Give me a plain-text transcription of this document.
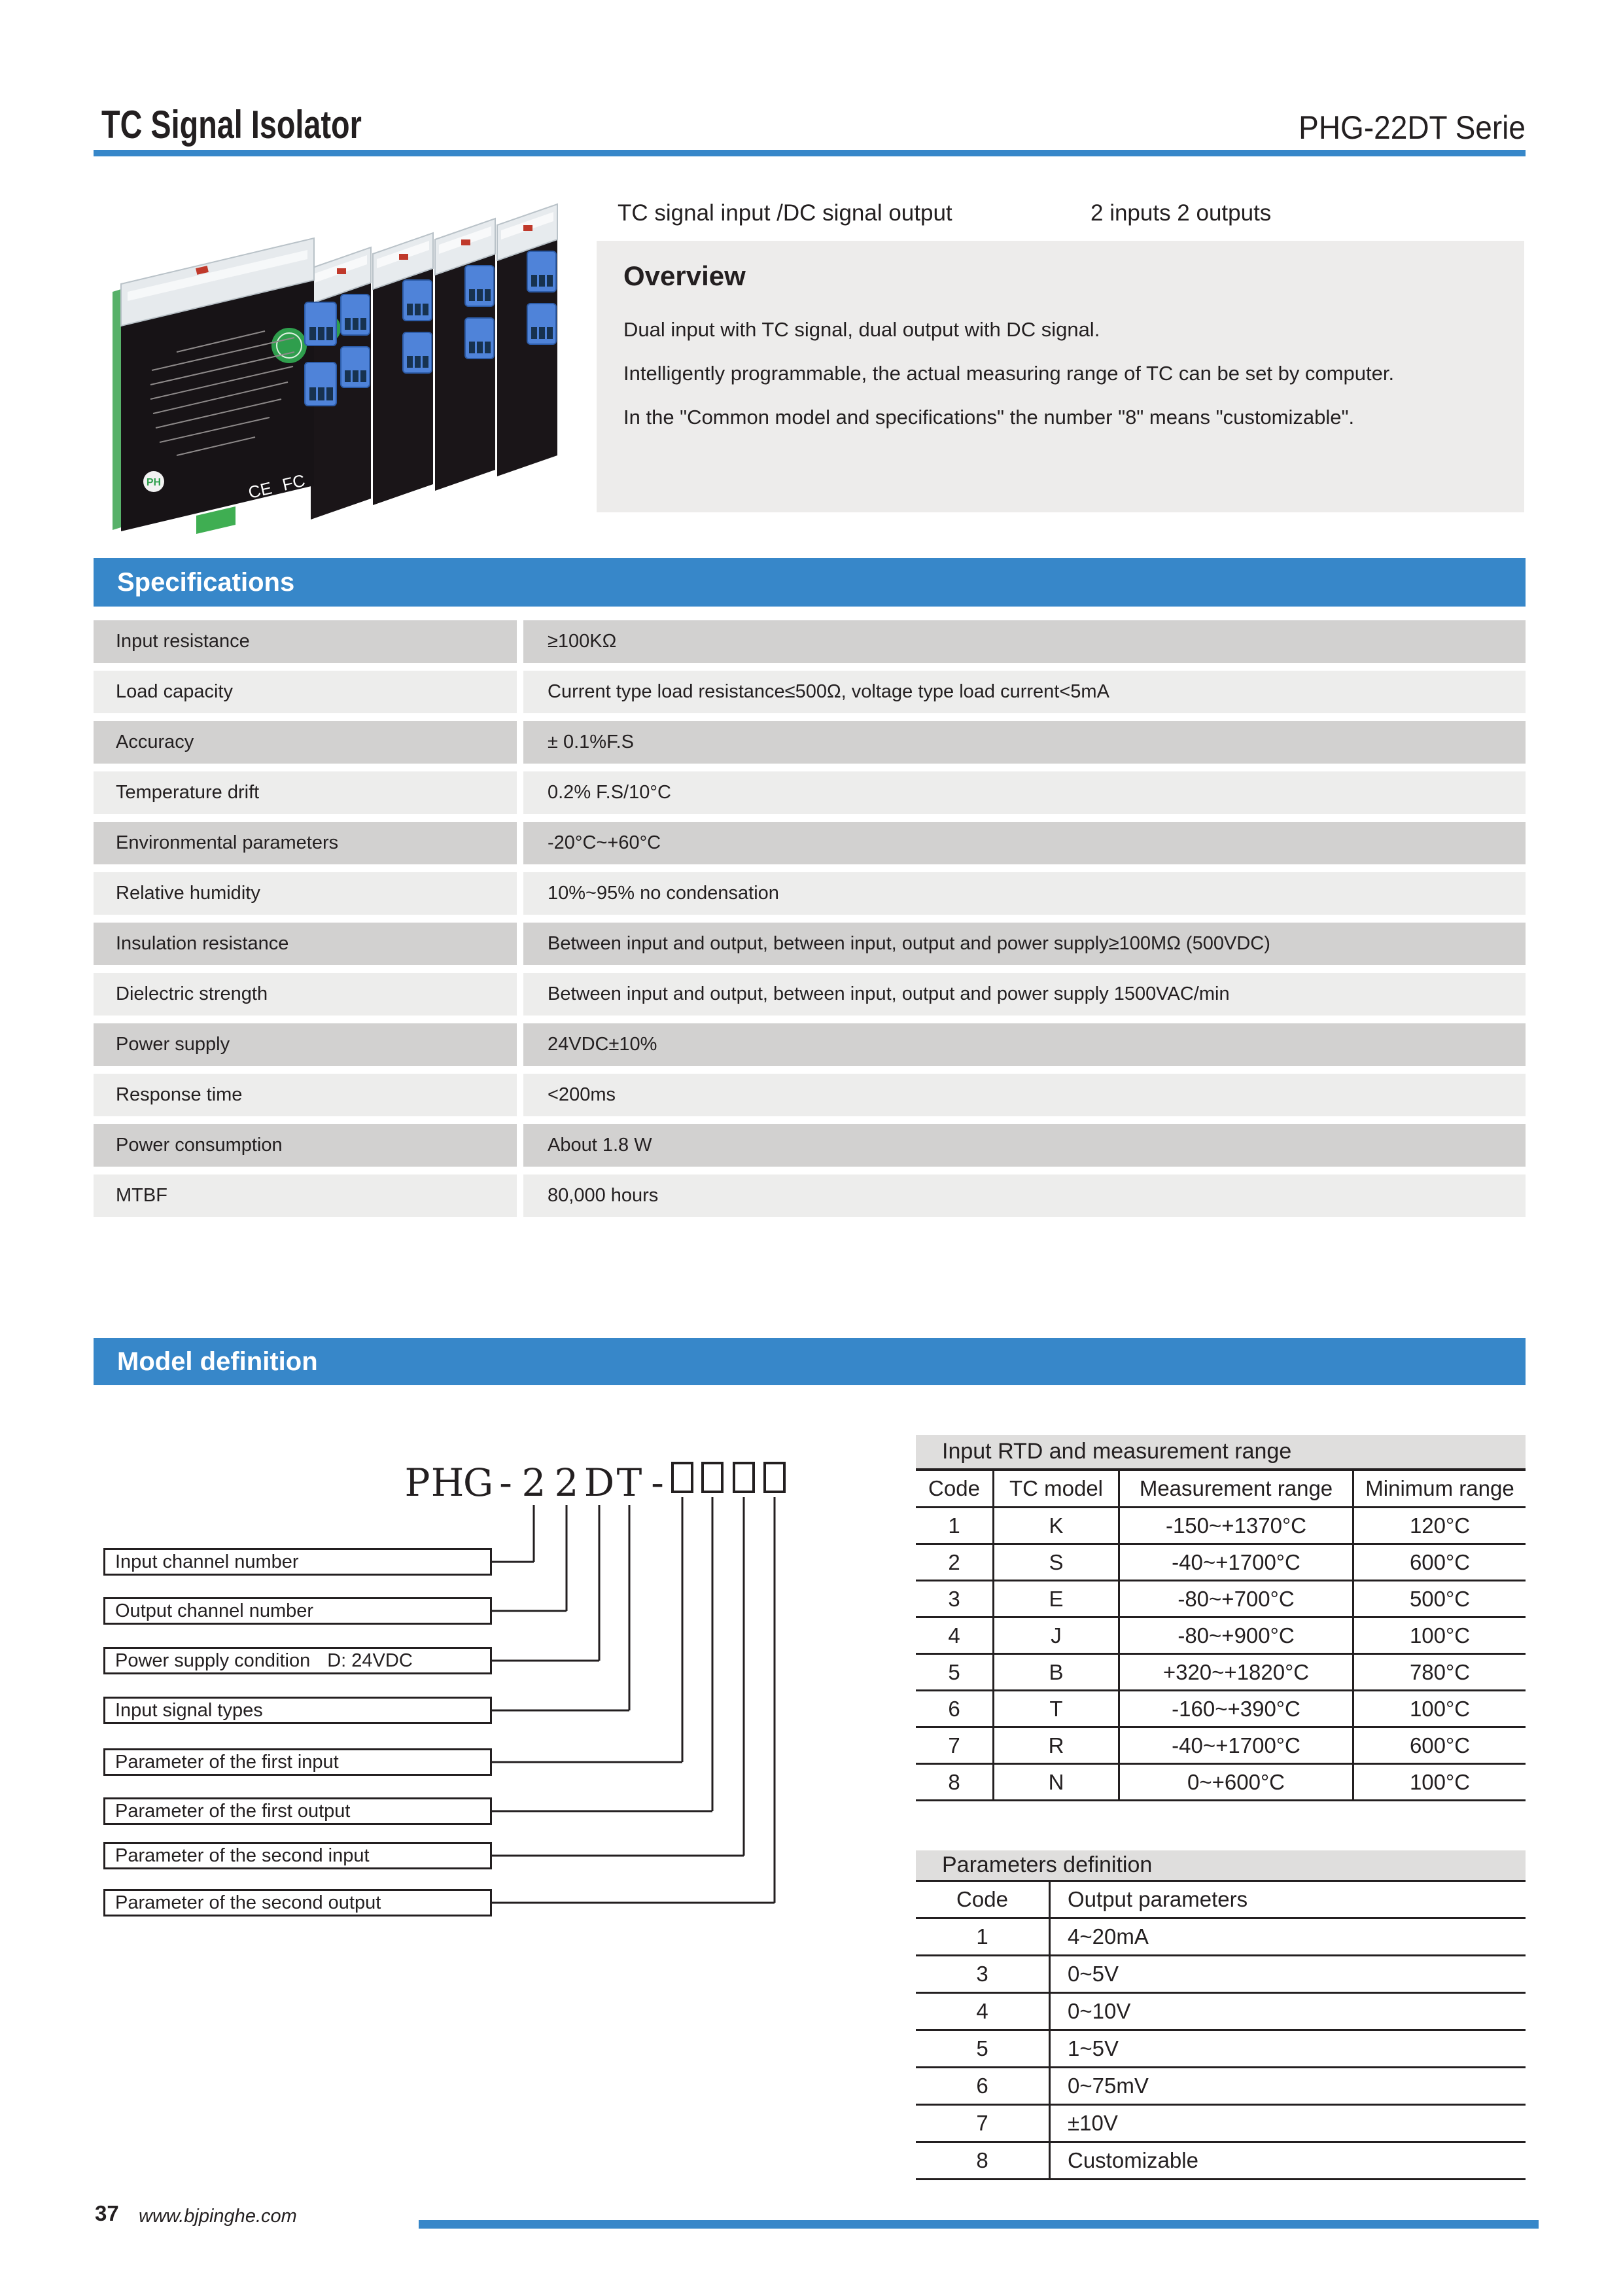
TC Signal Isolator	PHG-22DT Serie
PH	CE FC
TC signal input /DC signal output	2 inputs 2 outputs
Overview
Dual input with TC signal, dual output with DC signal.
Intelligently programmable, the actual measuring range of TC can be set by computer.
In the "Common model and specifications" the number "8" means "customizable".
Specifications
Input resistance	≥100KΩ
Load capacity	Current type load resistance≤500Ω, voltage type load current<5mA
Accuracy	± 0.1%F.S
Temperature drift	0.2% F.S/10°C
Environmental parameters	-20°C~+60°C
Relative humidity	10%~95% no condensation
Insulation resistance	Between input and output, between input, output and power supply≥100MΩ (500VDC)
Dielectric strength	Between input and output, between input, output and power supply 1500VAC/min
Power supply	24VDC±10%
Response time	<200ms
Power consumption	About 1.8 W
MTBF	80,000 hours
Model definition
P H
G - 2 2 D T -
Input channel number
Output channel number
Power supply condition D: 24VDC
Input signal types
Parameter of the first input
Parameter of the first output
Parameter of the second input
Parameter of the second output
Input RTD and measurement range
Code	TC model	Measurement range	Minimum range
1	K	-150~+1370°C	120°C
2	S	-40~+1700°C	600°C
3	E	-80~+700°C	500°C
4	J	-80~+900°C	100°C
5	B	+320~+1820°C	780°C
6	T	-160~+390°C	100°C
7	R	-40~+1700°C	600°C
8	N	0~+600°C	100°C
Parameters definition
Code	Output parameters
1	4~20mA
3	0~5V
4	0~10V
5	1~5V
6	0~75mV
7	±10V
8	Customizable
37 www.bjpinghe.com
